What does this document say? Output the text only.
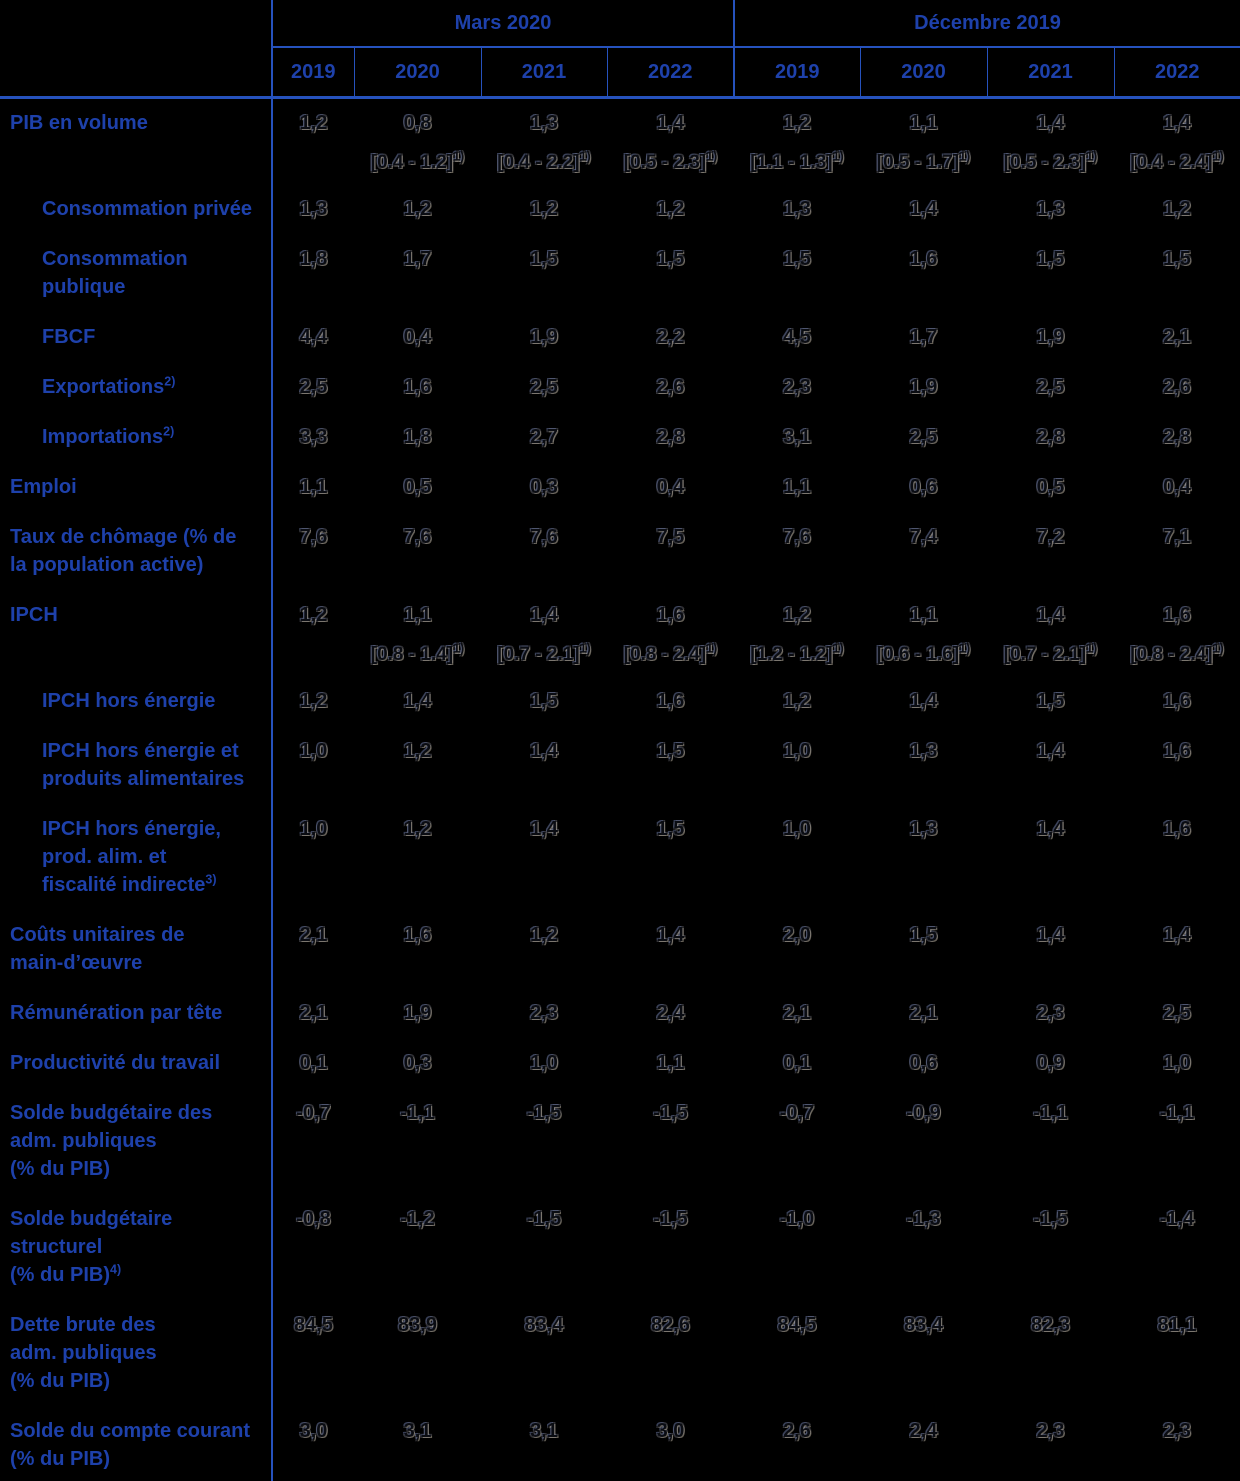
	Mars 2020				Décembre 2019			
	2019	2020	2021	2022	2019	2020	2021	2022
PIB en volume	1,2	0,8	1,3	1,4	1,2	1,1	1,4	1,4
		[0.4 - 1.2]$^{1)}$	[0.4 - 2.2]$^{1)}$	[0.5 - 2.3]$^{1)}$	[1.1 - 1.3]$^{1)}$	[0.5 - 1.7]$^{1)}$	[0.5 - 2.3]$^{1)}$	[0.4 - 2.4]$^{1)}$
Consommation privée	1,3	1,2	1,2	1,2	1,3	1,4	1,3	1,2
Consommation
publique	1,8	1,7	1,5	1,5	1,5	1,6	1,5	1,5
FBCF	4,4	0,4	1,9	2,2	4,5	1,7	1,9	2,1
Exportations$^{2)}$	2,5	1,6	2,5	2,6	2,3	1,9	2,5	2,6
Importations$^{2)}$	3,3	1,8	2,7	2,8	3,1	2,5	2,8	2,8
Emploi	1,1	0,5	0,3	0,4	1,1	0,6	0,5	0,4
Taux de chômage (% de
la population active)	7,6	7,6	7,6	7,5	7,6	7,4	7,2	7,1
IPCH	1,2	1,1	1,4	1,6	1,2	1,1	1,4	1,6
		[0.8 - 1.4]$^{1)}$	[0.7 - 2.1]$^{1)}$	[0.8 - 2.4]$^{1)}$	[1.2 - 1.2]$^{1)}$	[0.6 - 1.6]$^{1)}$	[0.7 - 2.1]$^{1)}$	[0.8 - 2.4]$^{1)}$
IPCH hors énergie	1,2	1,4	1,5	1,6	1,2	1,4	1,5	1,6
IPCH hors énergie et
produits alimentaires	1,0	1,2	1,4	1,5	1,0	1,3	1,4	1,6
IPCH hors énergie,
prod. alim. et
fiscalité indirecte$^{3)}$	1,0	1,2	1,4	1,5	1,0	1,3	1,4	1,6
Coûts unitaires de
main-d’œuvre	2,1	1,6	1,2	1,4	2,0	1,5	1,4	1,4
Rémunération par tête	2,1	1,9	2,3	2,4	2,1	2,1	2,3	2,5
Productivité du travail	0,1	0,3	1,0	1,1	0,1	0,6	0,9	1,0
Solde budgétaire des
adm. publiques
(% du PIB)	-0,7	-1,1	-1,5	-1,5	-0,7	-0,9	-1,1	-1,1
Solde budgétaire
structurel
(% du PIB)$^{4)}$	-0,8	-1,2	-1,5	-1,5	-1,0	-1,3	-1,5	-1,4
Dette brute des
adm. publiques
(% du PIB)	84,5	83,9	83,4	82,6	84,5	83,4	82,3	81,1
Solde du compte courant
(% du PIB)	3,0	3,1	3,1	3,0	2,6	2,4	2,3	2,3
